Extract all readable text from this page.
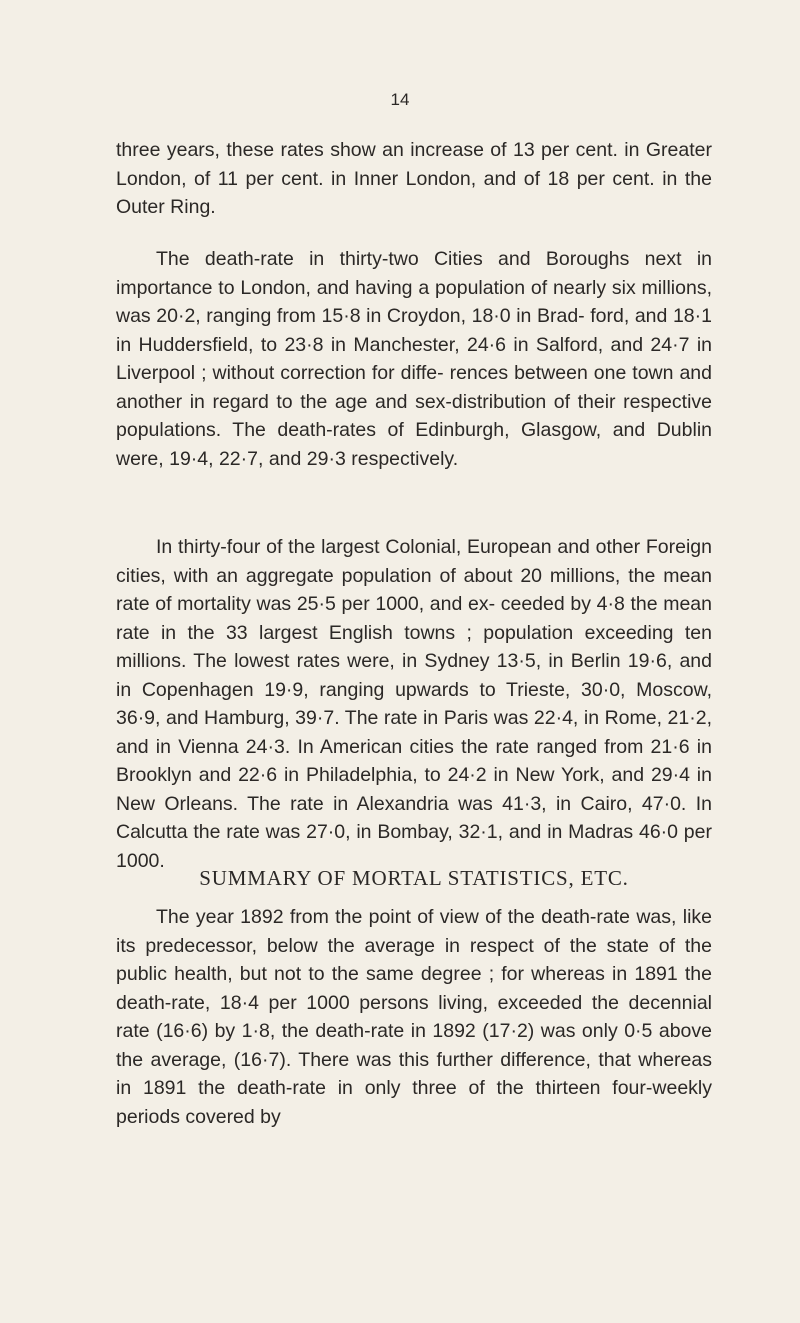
14
three years, these rates show an increase of 13 per cent. in Greater London, of 11 per cent. in Inner London, and of 18 per cent. in the Outer Ring.
The death-rate in thirty-two Cities and Boroughs next in importance to London, and having a population of nearly six millions, was 20·2, ranging from 15·8 in Croydon, 18·0 in Brad- ford, and 18·1 in Huddersfield, to 23·8 in Manchester, 24·6 in Salford, and 24·7 in Liverpool ; without correction for diffe- rences between one town and another in regard to the age and sex-distribution of their respective populations. The death-rates of Edinburgh, Glasgow, and Dublin were, 19·4, 22·7, and 29·3 respectively.
In thirty-four of the largest Colonial, European and other Foreign cities, with an aggregate population of about 20 millions, the mean rate of mortality was 25·5 per 1000, and ex- ceeded by 4·8 the mean rate in the 33 largest English towns ; population exceeding ten millions. The lowest rates were, in Sydney 13·5, in Berlin 19·6, and in Copenhagen 19·9, ranging upwards to Trieste, 30·0, Moscow, 36·9, and Hamburg, 39·7. The rate in Paris was 22·4, in Rome, 21·2, and in Vienna 24·3. In American cities the rate ranged from 21·6 in Brooklyn and 22·6 in Philadelphia, to 24·2 in New York, and 29·4 in New Orleans. The rate in Alexandria was 41·3, in Cairo, 47·0. In Calcutta the rate was 27·0, in Bombay, 32·1, and in Madras 46·0 per 1000.
SUMMARY OF MORTAL STATISTICS, ETC.
The year 1892 from the point of view of the death-rate was, like its predecessor, below the average in respect of the state of the public health, but not to the same degree ; for whereas in 1891 the death-rate, 18·4 per 1000 persons living, exceeded the decennial rate (16·6) by 1·8, the death-rate in 1892 (17·2) was only 0·5 above the average, (16·7). There was this further difference, that whereas in 1891 the death-rate in only three of the thirteen four-weekly periods covered by
